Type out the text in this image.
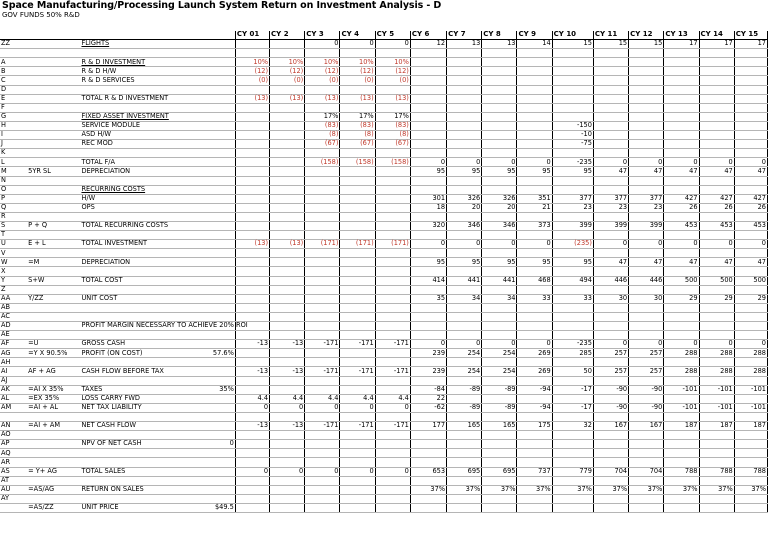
Space Manufacturing/Processing Launch System Return on Investment Analysis - D
GOV FUNDS 50% R&D
				CY 01	CY 2	CY 3	CY 4	CY 5	CY 6	CY 7	CY 8	CY 9	CY 10	CY 11	CY 12	CY 13	CY 14	CY 15
ZZ		FLIGHTS				0	0	0	12	13	13	14	15	15	15	17	17	17

A		R & D INVESTMENT		10%	10%	10%	10%	10%										
B		R & D H/W		(12)	(12)	(12)	(12)	(12)										
C		R & D SERVICES		(0)	(0)	(0)	(0)	(0)										
D																		
E		TOTAL R & D INVESTMENT		(13)	(13)	(13)	(13)	(13)										
F																		
G		FIXED ASSET INVESTMENT				17%	17%	17%										
H		SERVICE MODULE				(83)	(83)	(83)					-150					
I		ASD H/W				(8)	(8)	(8)					-10					
J		REC MOD				(67)	(67)	(67)					-75					
K																		
L		TOTAL F/A				(158)	(158)	(158)	0	0	0	0	-235	0	0	0	0	0
M	5YR SL	DEPRECIATION							95	95	95	95	95	47	47	47	47	47
N																		
O		RECURRING COSTS																
P		H/W							301	326	326	351	377	377	377	427	427	427
Q		OPS							18	20	20	21	23	23	23	26	26	26
R																		
S	P + Q	TOTAL RECURRING COSTS							320	346	346	373	399	399	399	453	453	453
T																		
U	E + L	TOTAL INVESTMENT		(13)	(13)	(171)	(171)	(171)	0	0	0	0	(235)	0	0	0	0	0
V																		
W	=M	DEPRECIATION							95	95	95	95	95	47	47	47	47	47
X																		
Y	S+W	TOTAL COST							414	441	441	468	494	446	446	500	500	500
Z																		
AA	Y/ZZ	UNIT COST							35	34	34	33	33	30	30	29	29	29
AB																		
AC																		
AD		PROFIT MARGIN NECESSARY TO ACHIEVE 20% ROI																
AE																		
AF	=U	GROSS CASH		-13	-13	-171	-171	-171	0	0	0	0	-235	0	0	0	0	0
AG	=Y X 90.5%	PROFIT (ON COST)	57.6%						239	254	254	269	285	257	257	288	288	288
AH																		
AI	AF + AG	CASH FLOW BEFORE TAX		-13	-13	-171	-171	-171	239	254	254	269	50	257	257	288	288	288
AJ																		
AK	=AI X 35%	TAXES	35%						-84	-89	-89	-94	-17	-90	-90	-101	-101	-101
AL	=EX 35%	LOSS CARRY FWD		4.4	4.4	4.4	4.4	4.4	22									
AM	=AI + AL	NET TAX LIABILITY		0	0	0	0	0	-62	-89	-89	-94	-17	-90	-90	-101	-101	-101

AN	=AI + AM	NET CASH FLOW		-13	-13	-171	-171	-171	177	165	165	175	32	167	167	187	187	187
AO																		
AP		NPV OF NET CASH	0															
AQ																		
AR																		
AS	= Y+ AG	TOTAL SALES		0	0	0	0	0	653	695	695	737	779	704	704	788	788	788
AT																		
AU	=AS/AG	RETURN ON SALES							37%	37%	37%	37%	37%	37%	37%	37%	37%	37%
AY																		
	=AS/ZZ	UNIT PRICE	$49.5															
